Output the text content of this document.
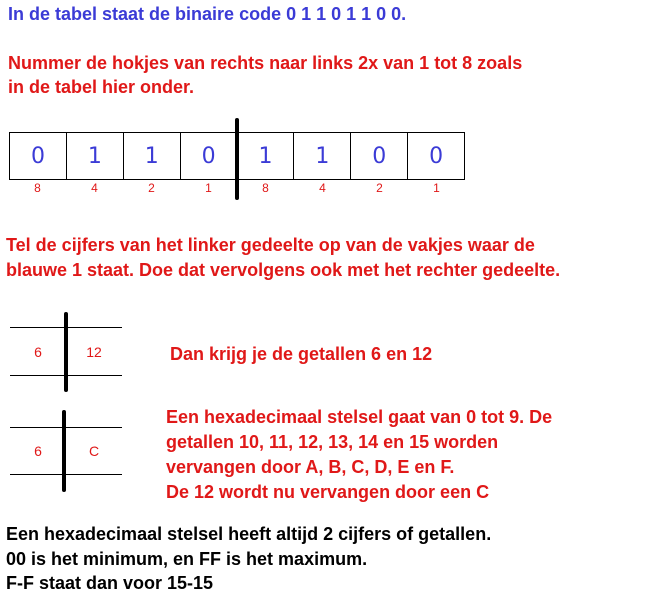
In de tabel staat de binaire code 0 1 1 0 1 1 0 0.

Nummer de hokjes van rechts naar links 2x van 1 tot 8 zoals

in de tabel hier onder.

0	1	1	0	1	1	0	0
8	4	2	1	8	4	2	1

Tel de cijfers van het linker gedeelte op van de vakjes waar de

blauwe 1 staat. Doe dat vervolgens ook met het rechter gedeelte.

6	12	Dan krijg je de getallen 6 en 12

6	C

Een hexadecimaal stelsel gaat van 0 tot 9. De

getallen 10, 11, 12, 13, 14 en 15 worden

vervangen door A, B, C, D, E en F.

De 12 wordt nu vervangen door een C

Een hexadecimaal stelsel heeft altijd 2 cijfers of getallen.

00 is het minimum, en FF is het maximum.

F-F staat dan voor 15-15
